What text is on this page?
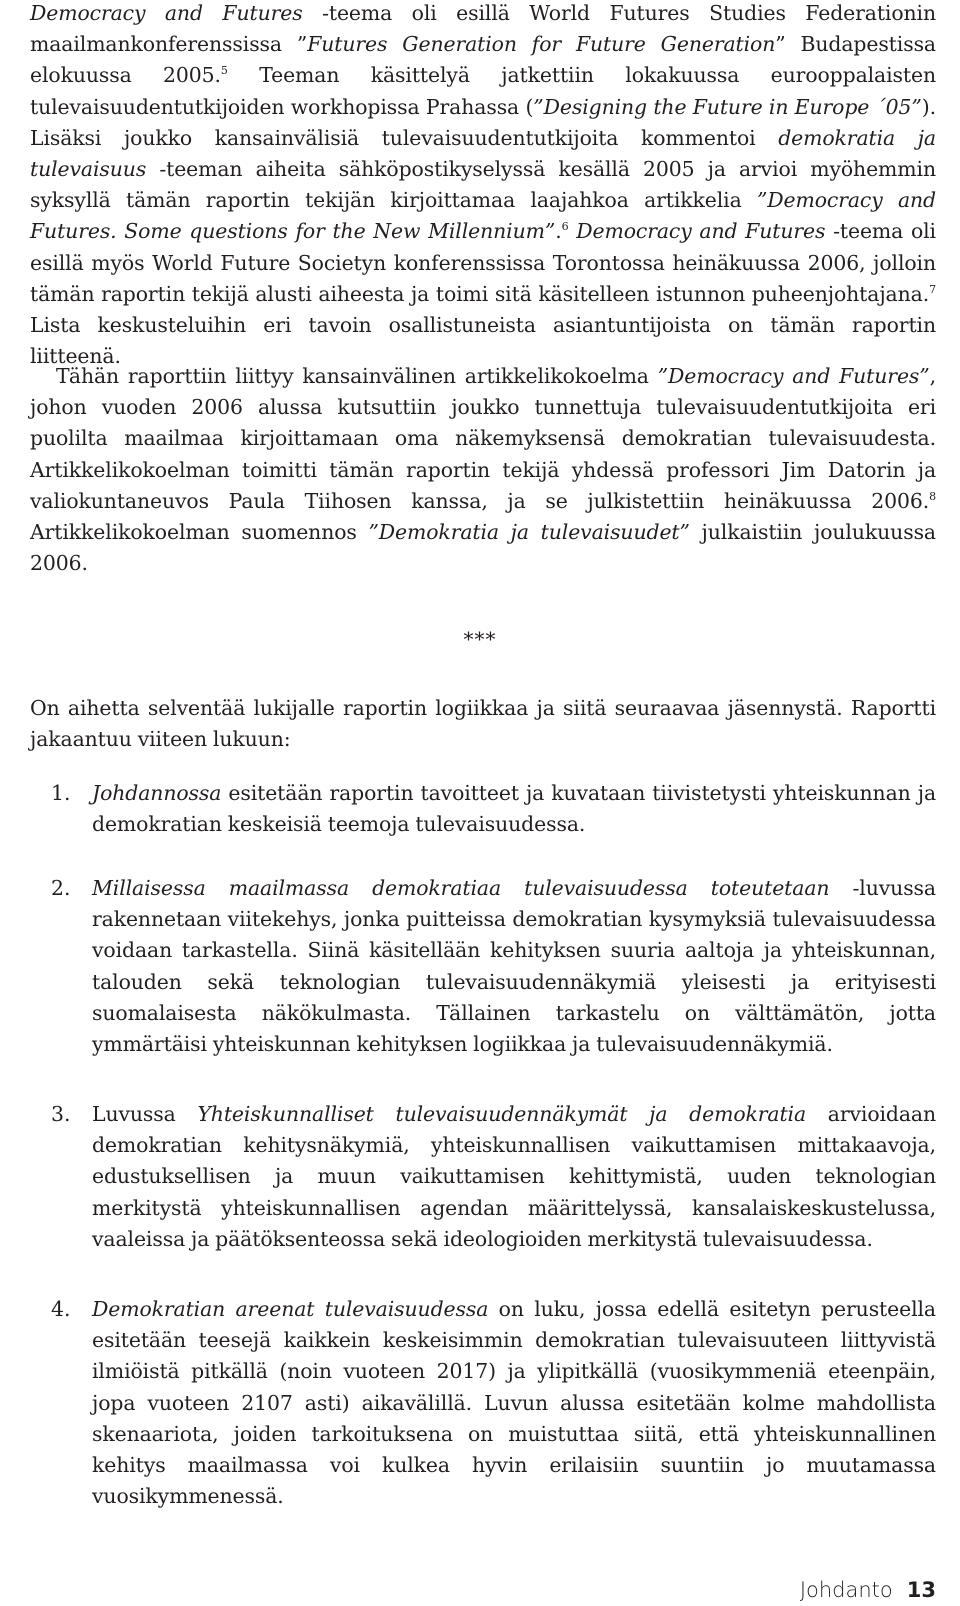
Democracy and Futures -teema oli esillä World Futures Studies Federationin maailmankonferenssissa ”Futures Generation for Future Generation” Budapestissa elokuussa 2005.$^5$ Teeman käsittelyä jatkettiin lokakuussa eurooppalaisten tulevaisuudentutkijoiden workhopissa Prahassa (”Designing the Future in Europe ´05”). Lisäksi joukko kansainvälisiä tulevaisuudentutkijoita kommentoi demokratia ja tulevaisuus -teeman aiheita sähköpostikyselyssä kesällä 2005 ja arvioi myöhemmin syksyllä tämän raportin tekijän kirjoittamaa laajahkoa artikkelia ”Democracy and Futures. Some questions for the New Millennium”.$^6$ Democracy and Futures -teema oli esillä myös World Future Societyn konferenssissa Torontossa heinäkuussa 2006, jolloin tämän raportin tekijä alusti aiheesta ja toimi sitä käsitelleen istunnon puheenjohtajana.$^7$ Lista keskusteluihin eri tavoin osallistuneista asiantuntijoista on tämän raportin liitteenä.

Tähän raporttiin liittyy kansainvälinen artikkelikokoelma ”Democracy and Futures”, johon vuoden 2006 alussa kutsuttiin joukko tunnettuja tulevaisuudentutkijoita eri puolilta maailmaa kirjoittamaan oma näkemyksensä demokratian tulevaisuudesta. Artikkelikokoelman toimitti tämän raportin tekijä yhdessä professori Jim Datorin ja valiokuntaneuvos Paula Tiihosen kanssa, ja se julkistettiin heinäkuussa 2006.$^8$ Artikkelikokoelman suomennos ”Demokratia ja tulevaisuudet” julkaistiin joulukuussa 2006.

***

On aihetta selventää lukijalle raportin logiikkaa ja siitä seuraavaa jäsennystä. Raportti jakaantuu viiteen lukuun:

1. Johdannossa esitetään raportin tavoitteet ja kuvataan tiivistetysti yhteiskunnan ja demokratian keskeisiä teemoja tulevaisuudessa.

2. Millaisessa maailmassa demokratiaa tulevaisuudessa toteutetaan -luvussa rakennetaan viitekehys, jonka puitteissa demokratian kysymyksiä tulevaisuudessa voidaan tarkastella. Siinä käsitellään kehityksen suuria aaltoja ja yhteiskunnan, talouden sekä teknologian tulevaisuudennäkymiä yleisesti ja erityisesti suomalaisesta näkökulmasta. Tällainen tarkastelu on välttämätön, jotta ymmärtäisi yhteiskunnan kehityksen logiikkaa ja tulevaisuudennäkymiä.

3. Luvussa Yhteiskunnalliset tulevaisuudennäkymät ja demokratia arvioidaan demokratian kehitysnäkymiä, yhteiskunnallisen vaikuttamisen mittakaavoja, edustuksellisen ja muun vaikuttamisen kehittymistä, uuden teknologian merkitystä yhteiskunnallisen agendan määrittelyssä, kansalaiskeskustelussa, vaaleissa ja päätöksenteossa sekä ideologioiden merkitystä tulevaisuudessa.

4. Demokratian areenat tulevaisuudessa on luku, jossa edellä esitetyn perusteella esitetään teesejä kaikkein keskeisimmin demokratian tulevaisuuteen liittyvistä ilmiöistä pitkällä (noin vuoteen 2017) ja ylipitkällä (vuosikymmeniä eteenpäin, jopa vuoteen 2107 asti) aikavälillä. Luvun alussa esitetään kolme mahdollista skenaariota, joiden tarkoituksena on muistuttaa siitä, että yhteiskunnallinen kehitys maailmassa voi kulkea hyvin erilaisiin suuntiin jo muutamassa vuosikymmenessä.

Johdanto 13
